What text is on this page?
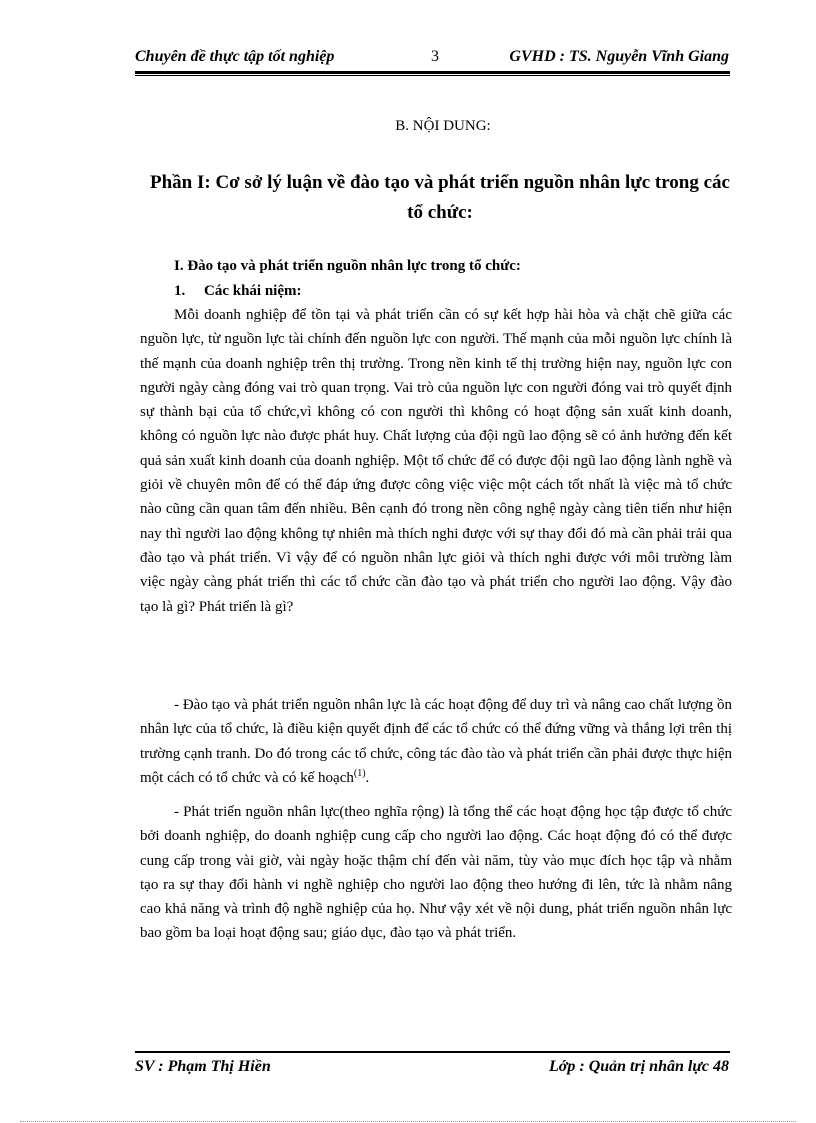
Chuyên đề thực tập tốt nghiệp	3	GVHD : TS. Nguyễn Vĩnh Giang
B. NỘI DUNG:
Phần I: Cơ sở lý luận về đào tạo và phát triển nguồn nhân lực trong các tổ chức:
I. Đào tạo và phát triển nguồn nhân lực trong tổ chức:
1. Các khái niệm:
Mỗi doanh nghiệp để tồn tại và phát triển cần có sự kết hợp hài hòa và chặt chẽ giữa các nguồn lực, từ nguồn lực tài chính đến nguồn lực con người. Thế mạnh của mỗi nguồn lực chính là thế mạnh của doanh nghiệp trên thị trường. Trong nền kinh tế thị trường hiện nay, nguồn lực con người ngày càng đóng vai trò quan trọng. Vai trò của nguồn lực con người đóng vai trò quyết định sự thành bại của tổ chức,vì không có con người thì không có hoạt động sản xuất kinh doanh, không có nguồn lực nào được phát huy. Chất lượng của đội ngũ lao động sẽ có ảnh hưởng đến kết quả sản xuất kinh doanh của doanh nghiệp. Một tổ chức để có được đội ngũ lao động lành nghề và giỏi về chuyên môn để có thể đáp ứng được công việc việc một cách tốt nhất là việc mà tổ chức nào cũng cần quan tâm đến nhiều. Bên cạnh đó trong nền công nghệ ngày càng tiên tiến như hiện nay thì người lao động không tự nhiên mà thích nghi được với sự thay đổi đó mà cần phải trải qua đào tạo và phát triển. Vì vậy để có nguồn nhân lực giỏi và thích nghi được với môi trường làm việc ngày càng phát triển thì các tổ chức cần đào tạo và phát triển cho người lao động. Vậy đào tạo là gì? Phát triển là gì?
- Đào tạo và phát triển nguồn nhân lực là các hoạt động để duy trì và nâng cao chất lượng ồn nhân lực của tổ chức, là điều kiện quyết định để các tổ chức có thể đứng vững và thắng lợi trên thị trường cạnh tranh. Do đó trong các tổ chức, công tác đào tào và phát triển cần phải được thực hiện một cách có tổ chức và có kế hoạch$^{(1)}$.
- Phát triển nguồn nhân lực(theo nghĩa rộng) là tổng thể các hoạt động học tập được tổ chức bởi doanh nghiệp, do doanh nghiệp cung cấp cho người lao động. Các hoạt động đó có thể được cung cấp trong vài giờ, vài ngày hoặc thậm chí đến vài năm, tùy vào mục đích học tập và nhằm tạo ra sự thay đổi hành vi nghề nghiệp cho người lao động theo hướng đi lên, tức là nhằm nâng cao khả năng và trình độ nghề nghiệp của họ. Như vậy xét về nội dung, phát triển nguồn nhân lực bao gồm ba loại hoạt động sau; giáo dục, đào tạo và phát triển.
SV : Phạm Thị Hiền	Lớp : Quản trị nhân lực 48
